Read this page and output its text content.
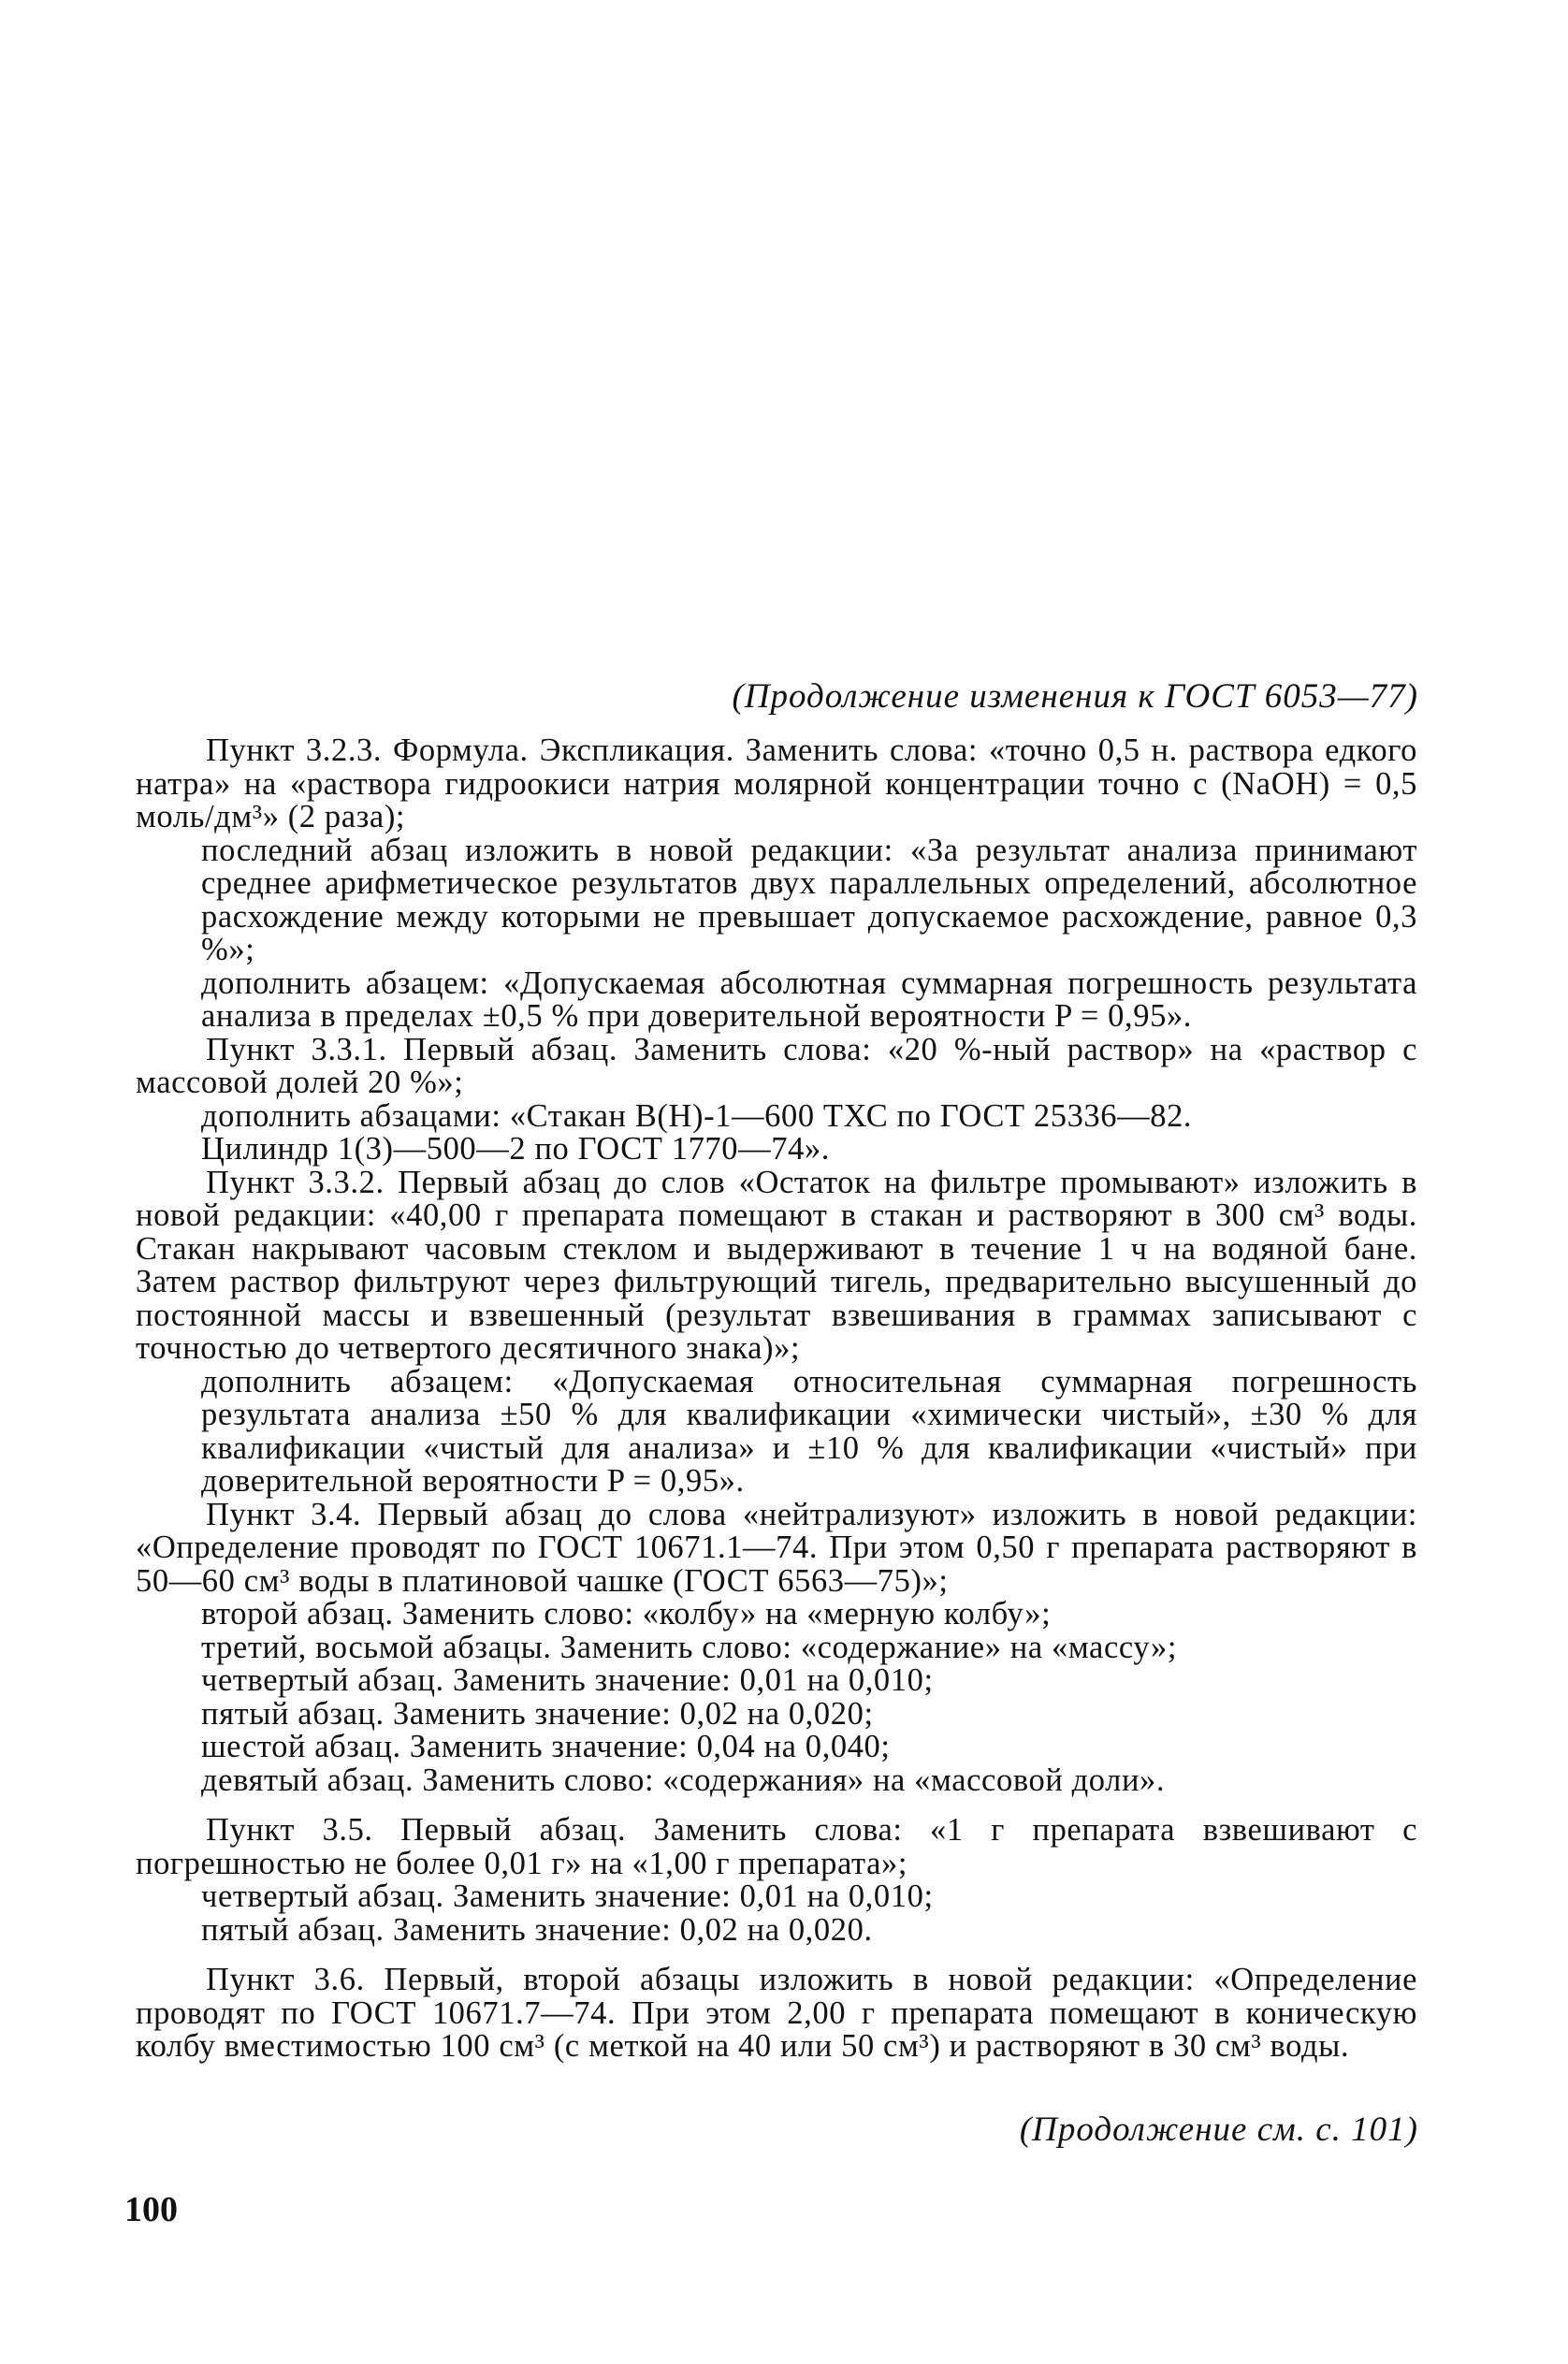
(Продолжение изменения к ГОСТ 6053—77)

Пункт 3.2.3. Формула. Экспликация. Заменить слова: «точно 0,5 н. раствора едкого натра» на «раствора гидроокиси натрия молярной концентрации точно c (NaOH) = 0,5 моль/дм³» (2 раза);

последний абзац изложить в новой редакции: «За результат анализа принимают среднее арифметическое результатов двух параллельных определений, абсолютное расхождение между которыми не превышает допускаемое расхождение, равное 0,3 %»;

дополнить абзацем: «Допускаемая абсолютная суммарная погрешность результата анализа в пределах ±0,5 % при доверительной вероятности P = 0,95».

Пункт 3.3.1. Первый абзац. Заменить слова: «20 %-ный раствор» на «раствор с массовой долей 20 %»;

дополнить абзацами: «Стакан В(Н)-1—600 ТХС по ГОСТ 25336—82.

Цилиндр 1(3)—500—2 по ГОСТ 1770—74».

Пункт 3.3.2. Первый абзац до слов «Остаток на фильтре промывают» изложить в новой редакции: «40,00 г препарата помещают в стакан и растворяют в 300 см³ воды. Стакан накрывают часовым стеклом и выдерживают в течение 1 ч на водяной бане. Затем раствор фильтруют через фильтрующий тигель, предварительно высушенный до постоянной массы и взвешенный (результат взвешивания в граммах записывают с точностью до четвертого десятичного знака)»;

дополнить абзацем: «Допускаемая относительная суммарная погрешность результата анализа ±50 % для квалификации «химически чистый», ±30 % для квалификации «чистый для анализа» и ±10 % для квалификации «чистый» при доверительной вероятности P = 0,95».

Пункт 3.4. Первый абзац до слова «нейтрализуют» изложить в новой редакции: «Определение проводят по ГОСТ 10671.1—74. При этом 0,50 г препарата растворяют в 50—60 см³ воды в платиновой чашке (ГОСТ 6563—75)»;

второй абзац. Заменить слово: «колбу» на «мерную колбу»;

третий, восьмой абзацы. Заменить слово: «содержание» на «массу»;

четвертый абзац. Заменить значение: 0,01 на 0,010;

пятый абзац. Заменить значение: 0,02 на 0,020;

шестой абзац. Заменить значение: 0,04 на 0,040;

девятый абзац. Заменить слово: «содержания» на «массовой доли».

Пункт 3.5. Первый абзац. Заменить слова: «1 г препарата взвешивают с погрешностью не более 0,01 г» на «1,00 г препарата»;

четвертый абзац. Заменить значение: 0,01 на 0,010;

пятый абзац. Заменить значение: 0,02 на 0,020.

Пункт 3.6. Первый, второй абзацы изложить в новой редакции: «Определение проводят по ГОСТ 10671.7—74. При этом 2,00 г препарата помещают в коническую колбу вместимостью 100 см³ (с меткой на 40 или 50 см³) и растворяют в 30 см³ воды.

(Продолжение см. с. 101)

100
